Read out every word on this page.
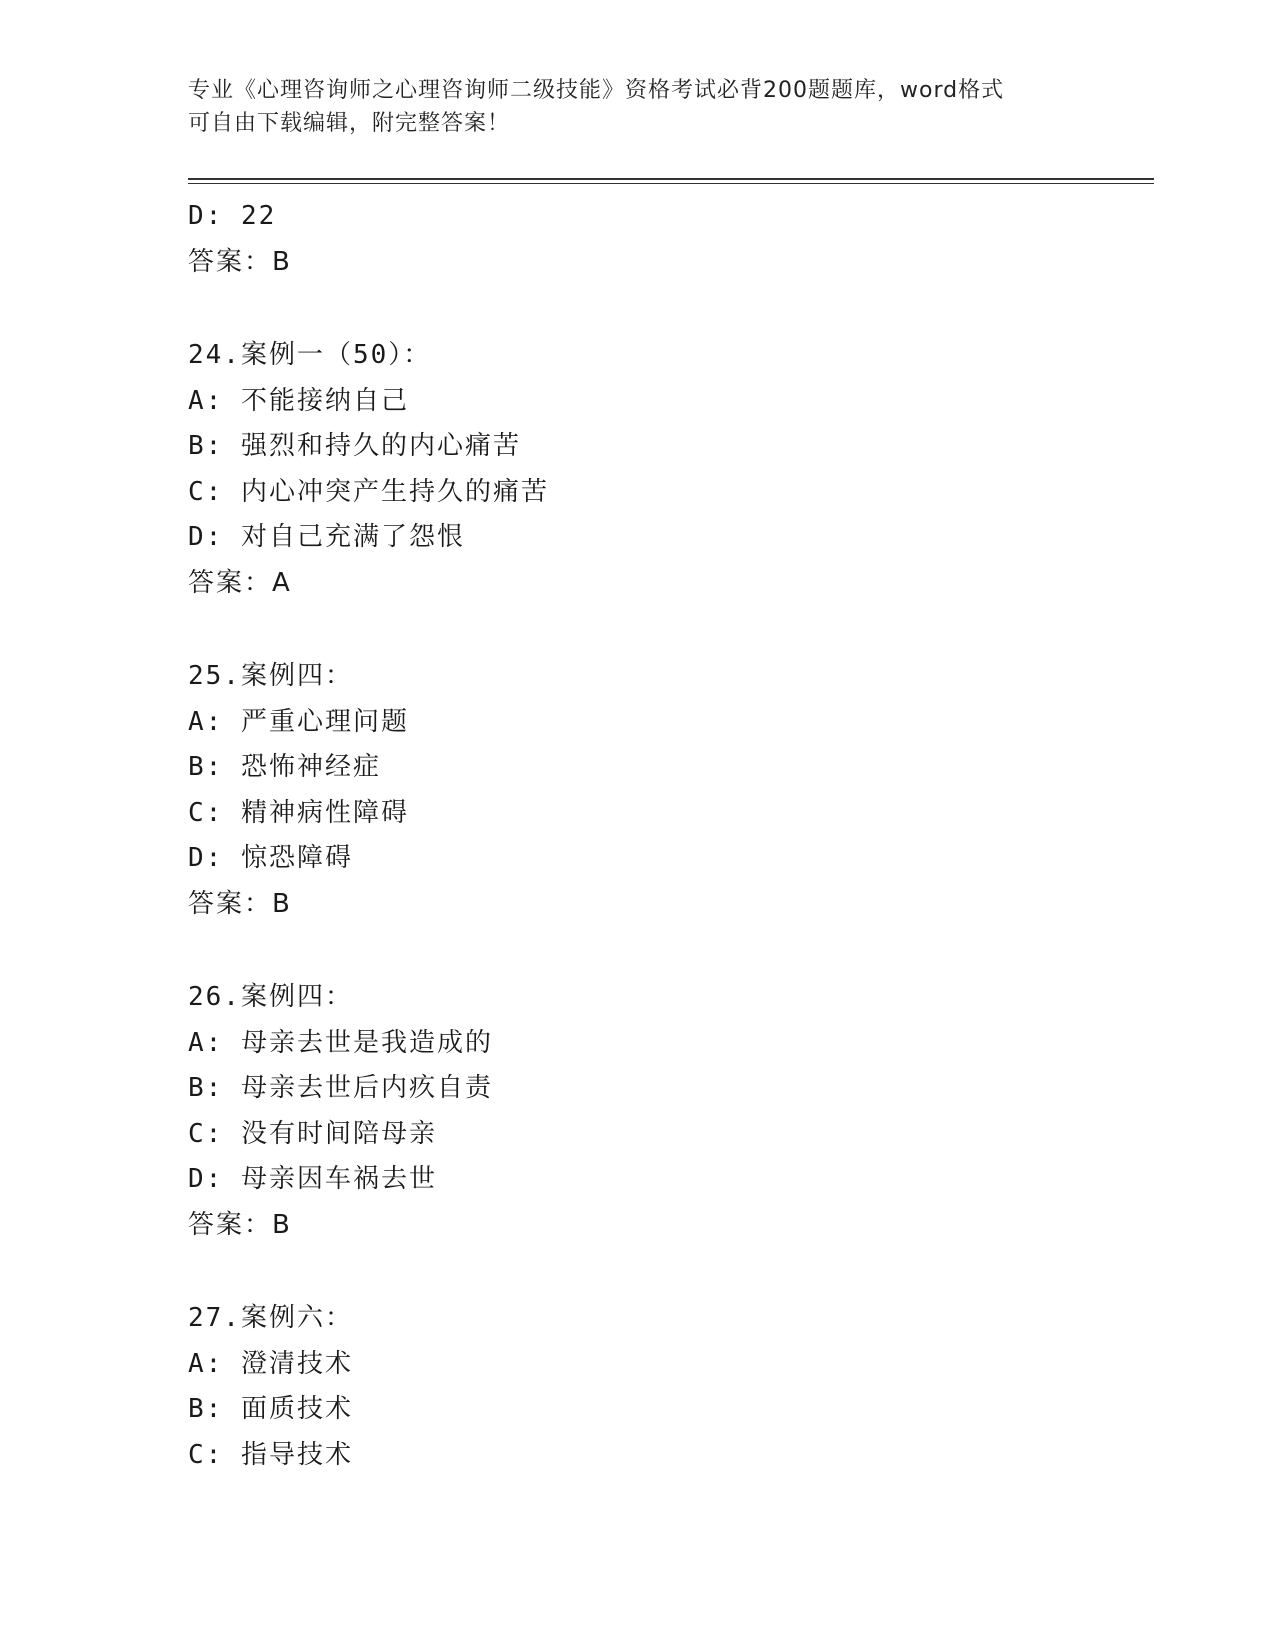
专业《心理咨询师之心理咨询师二级技能》资格考试必背200题题库，word格式
可自由下载编辑，附完整答案！
D: 22
答案：B
24.案例一（50）：
A: 不能接纳自己
B: 强烈和持久的内心痛苦
C: 内心冲突产生持久的痛苦
D: 对自己充满了怨恨
答案：A
25.案例四：
A: 严重心理问题
B: 恐怖神经症
C: 精神病性障碍
D: 惊恐障碍
答案：B
26.案例四：
A: 母亲去世是我造成的
B: 母亲去世后内疚自责
C: 没有时间陪母亲
D: 母亲因车祸去世
答案：B
27.案例六：
A: 澄清技术
B: 面质技术
C: 指导技术
